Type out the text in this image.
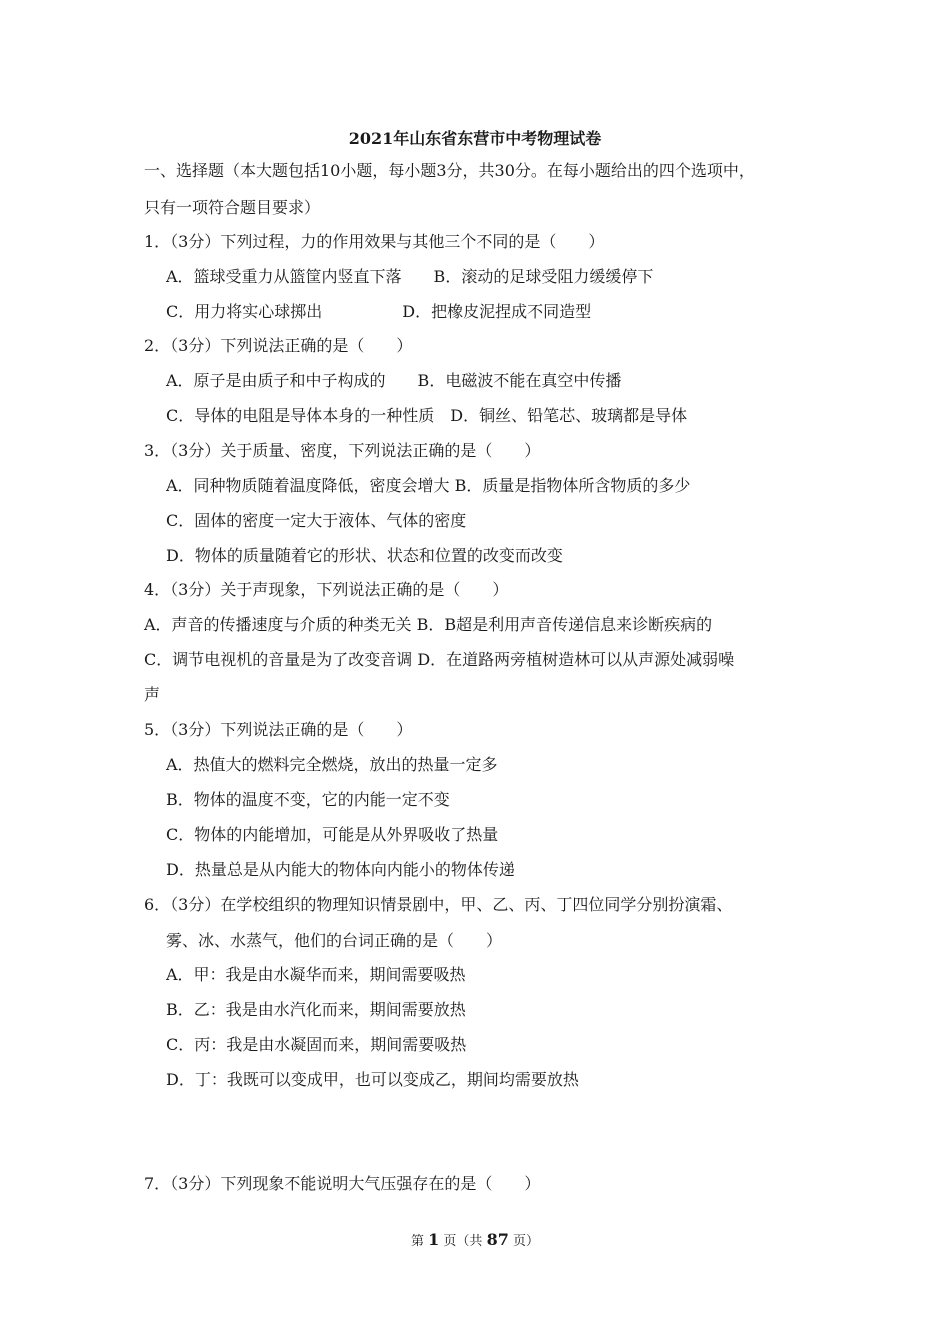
2021年山东省东营市中考物理试卷
一、选择题（本大题包括10小题，每小题3分，共30分。在每小题给出的四个选项中，
只有一项符合题目要求）
1．（3分）下列过程，力的作用效果与其他三个不同的是（　　）
A．篮球受重力从篮筐内竖直下落　　B．滚动的足球受阻力缓缓停下
C．用力将实心球掷出　　　　　D．把橡皮泥捏成不同造型
2．（3分）下列说法正确的是（　　）
A．原子是由质子和中子构成的　　B．电磁波不能在真空中传播
C．导体的电阻是导体本身的一种性质　D．铜丝、铅笔芯、玻璃都是导体
3．（3分）关于质量、密度，下列说法正确的是（　　）
A．同种物质随着温度降低，密度会增大 B．质量是指物体所含物质的多少
C．固体的密度一定大于液体、气体的密度
D．物体的质量随着它的形状、状态和位置的改变而改变
4．（3分）关于声现象，下列说法正确的是（　　）
A．声音的传播速度与介质的种类无关 B．B超是利用声音传递信息来诊断疾病的
C．调节电视机的音量是为了改变音调 D．在道路两旁植树造林可以从声源处减弱噪
声
5．（3分）下列说法正确的是（　　）
A．热值大的燃料完全燃烧，放出的热量一定多
B．物体的温度不变，它的内能一定不变
C．物体的内能增加，可能是从外界吸收了热量
D．热量总是从内能大的物体向内能小的物体传递
6．（3分）在学校组织的物理知识情景剧中，甲、乙、丙、丁四位同学分别扮演霜、
雾、冰、水蒸气，他们的台词正确的是（　　）
A．甲：我是由水凝华而来，期间需要吸热
B．乙：我是由水汽化而来，期间需要放热
C．丙：我是由水凝固而来，期间需要吸热
D．丁：我既可以变成甲，也可以变成乙，期间均需要放热
7．（3分）下列现象不能说明大气压强存在的是（　　）
第 1 页（共 87 页）
